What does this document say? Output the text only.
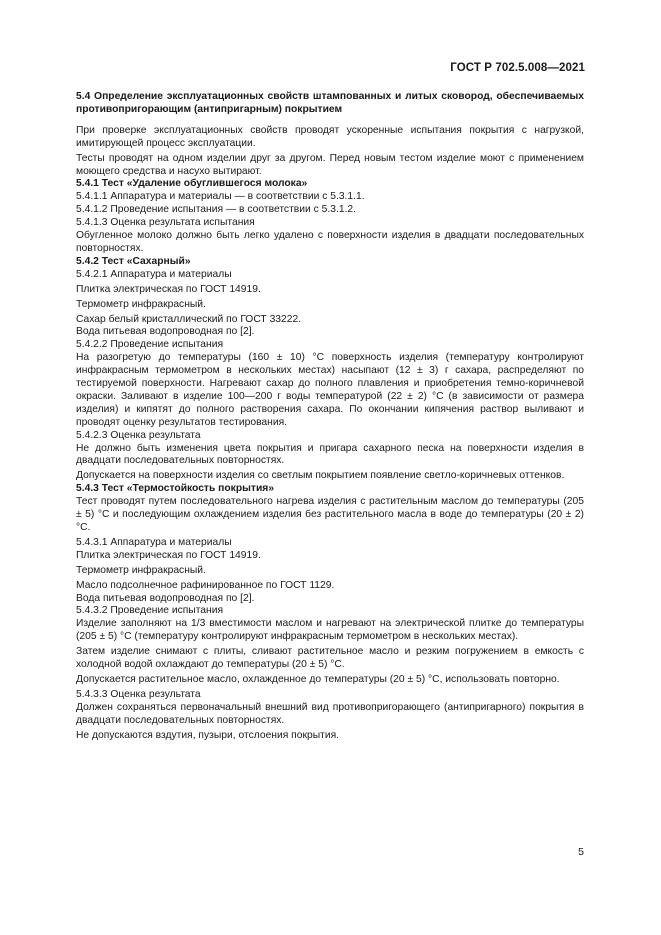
ГОСТ Р 702.5.008—2021

5.4 Определение эксплуатационных свойств штампованных и литых сковород, обеспечиваемых противопригорающим (антипригарным) покрытием

При проверке эксплуатационных свойств проводят ускоренные испытания покрытия с нагрузкой, имитирующей процесс эксплуатации.

Тесты проводят на одном изделии друг за другом. Перед новым тестом изделие моют с применением моющего средства и насухо вытирают.

5.4.1 Тест «Удаление обуглившегося молока»

5.4.1.1 Аппаратура и материалы — в соответствии с 5.3.1.1.

5.4.1.2 Проведение испытания — в соответствии с 5.3.1.2.

5.4.1.3 Оценка результата испытания

Обугленное молоко должно быть легко удалено с поверхности изделия в двадцати последовательных повторностях.

5.4.2 Тест «Сахарный»

5.4.2.1 Аппаратура и материалы

Плитка электрическая по ГОСТ 14919.

Термометр инфракрасный.

Сахар белый кристаллический по ГОСТ 33222.

Вода питьевая водопроводная по [2].

5.4.2.2 Проведение испытания

На разогретую до температуры (160 ± 10) °С поверхность изделия (температуру контролируют инфракрасным термометром в нескольких местах) насыпают (12 ± 3) г сахара, распределяют по тестируемой поверхности. Нагревают сахар до полного плавления и приобретения темно-коричневой окраски. Заливают в изделие 100—200 г воды температурой (22 ± 2) °С (в зависимости от размера изделия) и кипятят до полного растворения сахара. По окончании кипячения раствор выливают и проводят оценку результатов тестирования.

5.4.2.3 Оценка результата

Не должно быть изменения цвета покрытия и пригара сахарного песка на поверхности изделия в двадцати последовательных повторностях.

Допускается на поверхности изделия со светлым покрытием появление светло-коричневых оттенков.

5.4.3 Тест «Термостойкость покрытия»

Тест проводят путем последовательного нагрева изделия с растительным маслом до температуры (205 ± 5) °С и последующим охлаждением изделия без растительного масла в воде до температуры (20 ± 2) °С.

5.4.3.1 Аппаратура и материалы

Плитка электрическая по ГОСТ 14919.

Термометр инфракрасный.

Масло подсолнечное рафинированное по ГОСТ 1129.

Вода питьевая водопроводная по [2].

5.4.3.2 Проведение испытания

Изделие заполняют на 1/3 вместимости маслом и нагревают на электрической плитке до температуры (205 ± 5) °С (температуру контролируют инфракрасным термометром в нескольких местах).

Затем изделие снимают с плиты, сливают растительное масло и резким погружением в емкость с холодной водой охлаждают до температуры (20 ± 5) °С.

Допускается растительное масло, охлажденное до температуры (20 ± 5) °С, использовать повторно.

5.4.3.3 Оценка результата

Должен сохраняться первоначальный внешний вид противопригорающего (антипригарного) покрытия в двадцати последовательных повторностях.

Не допускаются вздутия, пузыри, отслоения покрытия.

5
